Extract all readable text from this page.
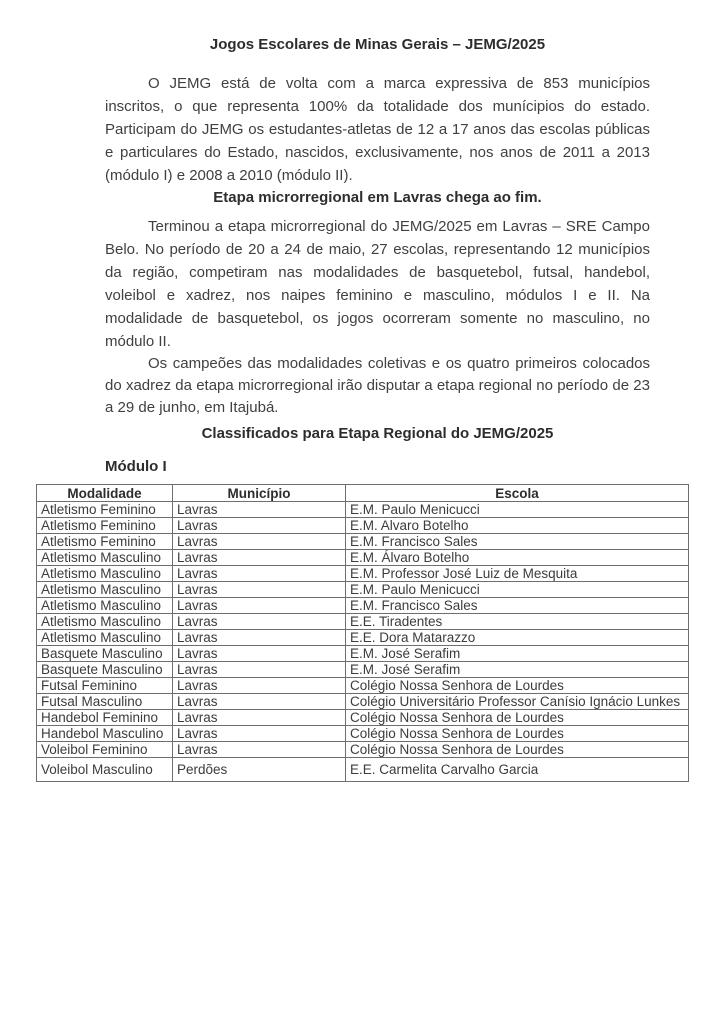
Jogos Escolares de Minas Gerais – JEMG/2025

O JEMG está de volta com a marca expressiva de 853 municípios inscritos, o que representa 100% da totalidade dos munícipios do estado. Participam do JEMG os estudantes-atletas de 12 a 17 anos das escolas públicas e particulares do Estado, nascidos, exclusivamente, nos anos de 2011 a 2013 (módulo I) e 2008 a 2010 (módulo II).

Etapa microrregional em Lavras chega ao fim.

Terminou a etapa microrregional do JEMG/2025 em Lavras – SRE Campo Belo. No período de 20 a 24 de maio, 27 escolas, representando 12 municípios da região, competiram nas modalidades de basquetebol, futsal, handebol, voleibol e xadrez, nos naipes feminino e masculino, módulos I e II. Na modalidade de basquetebol, os jogos ocorreram somente no masculino, no módulo II.

Os campeões das modalidades coletivas e os quatro primeiros colocados do xadrez da etapa microrregional irão disputar a etapa regional no período de 23 a 29 de junho, em Itajubá.

Classificados para Etapa Regional do JEMG/2025
Módulo I
Modalidade	Município	Escola
Atletismo Feminino	Lavras	E.M. Paulo Menicucci
Atletismo Feminino	Lavras	E.M. Alvaro Botelho
Atletismo Feminino	Lavras	E.M. Francisco Sales
Atletismo Masculino	Lavras	E.M. Álvaro Botelho
Atletismo Masculino	Lavras	E.M. Professor José Luiz de Mesquita
Atletismo Masculino	Lavras	E.M. Paulo Menicucci
Atletismo Masculino	Lavras	E.M. Francisco Sales
Atletismo Masculino	Lavras	E.E. Tiradentes
Atletismo Masculino	Lavras	E.E. Dora Matarazzo
Basquete Masculino	Lavras	E.M. José Serafim
Basquete Masculino	Lavras	E.M. José Serafim
Futsal Feminino	Lavras	Colégio Nossa Senhora de Lourdes
Futsal Masculino	Lavras	Colégio Universitário Professor Canísio Ignácio Lunkes
Handebol Feminino	Lavras	Colégio Nossa Senhora de Lourdes
Handebol Masculino	Lavras	Colégio Nossa Senhora de Lourdes
Voleibol Feminino	Lavras	Colégio Nossa Senhora de Lourdes
Voleibol Masculino	Perdões	E.E. Carmelita Carvalho Garcia
